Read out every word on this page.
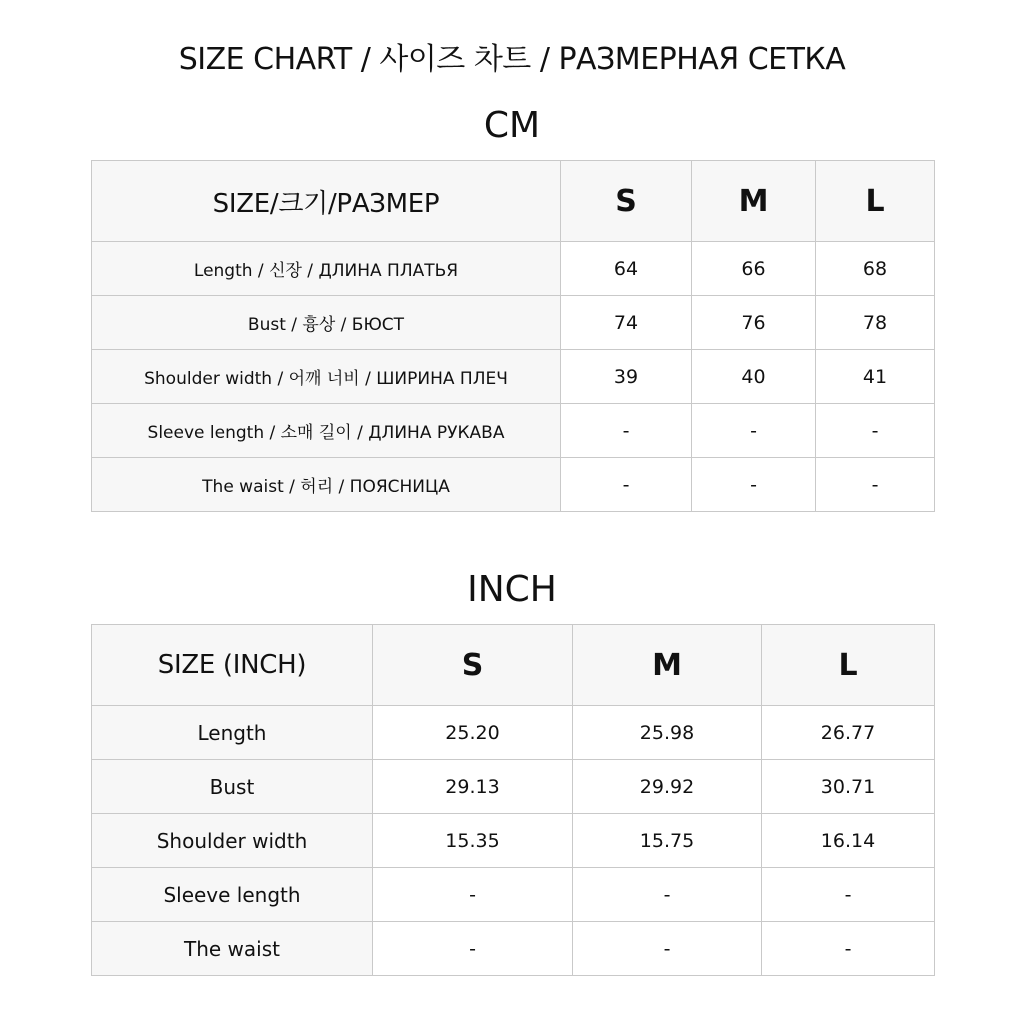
SIZE CHART / 사이즈 차트 / РАЗМЕРНАЯ СЕТКА
CM
SIZE/크기/РАЗМЕР	S	M	L
Length / 신장 / ДЛИНА ПЛАТЬЯ	64	66	68
Bust / 흉상 / БЮСТ	74	76	78
Shoulder width / 어깨 너비 / ШИРИНА ПЛЕЧ	39	40	41
Sleeve length / 소매 길이 / ДЛИНА РУКАВА	-	-	-
The waist / 허리 / ПОЯСНИЦА	-	-	-
INCH
SIZE (INCH)	S	M	L
Length	25.20	25.98	26.77
Bust	29.13	29.92	30.71
Shoulder width	15.35	15.75	16.14
Sleeve length	-	-	-
The waist	-	-	-
